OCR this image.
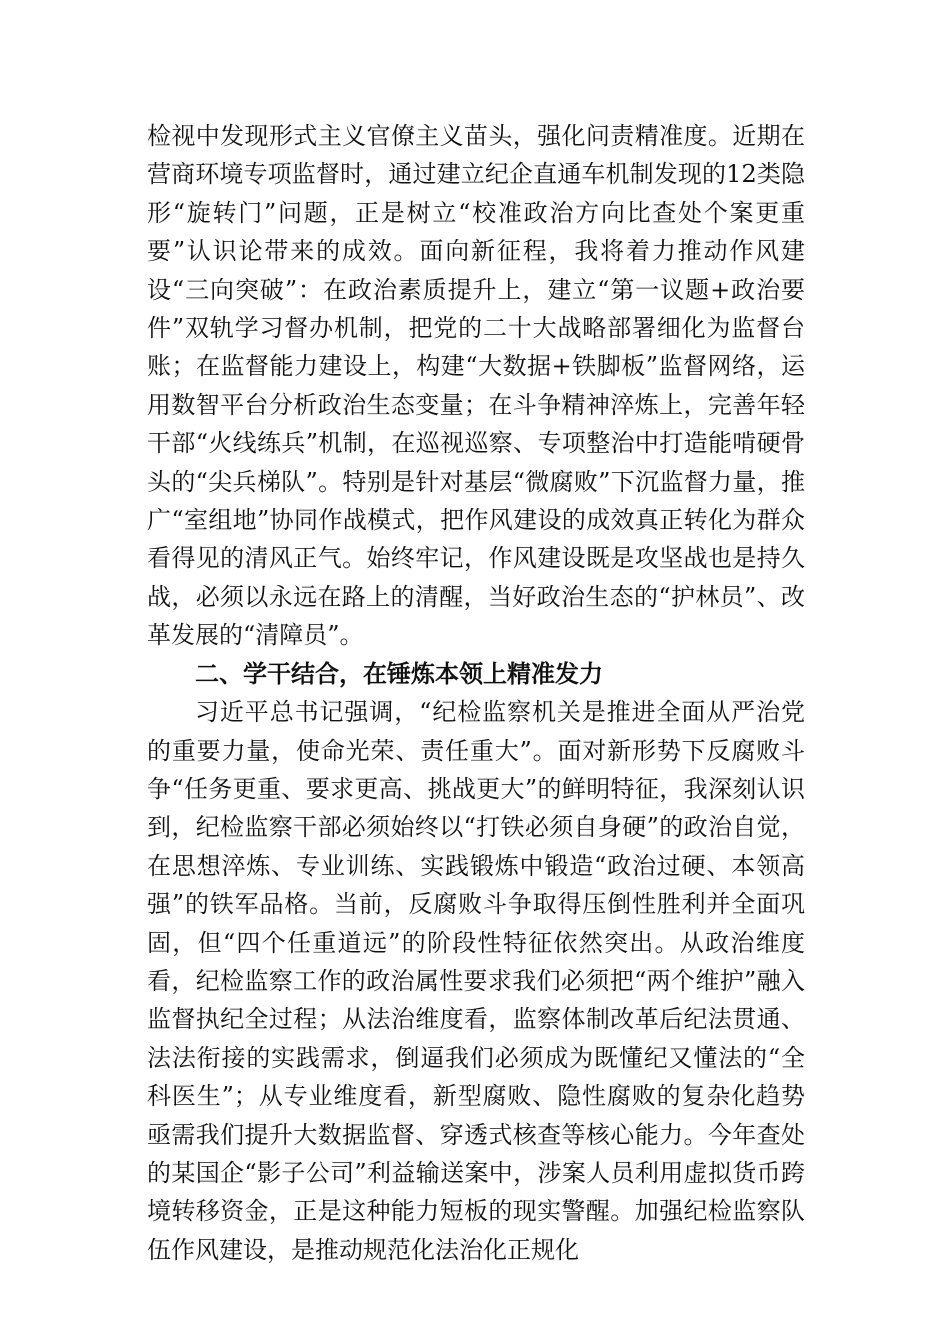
检视中发现形式主义官僚主义苗头，强化问责精准度。近期在营商环境专项监督时，通过建立纪企直通车机制发现的12类隐形“旋转门”问题，正是树立“校准政治方向比查处个案更重要”认识论带来的成效。面向新征程，我将着力推动作风建设“三向突破”：在政治素质提升上，建立“第一议题+政治要件”双轨学习督办机制，把党的二十大战略部署细化为监督台账；在监督能力建设上，构建“大数据+铁脚板”监督网络，运用数智平台分析政治生态变量；在斗争精神淬炼上，完善年轻干部“火线练兵”机制，在巡视巡察、专项整治中打造能啃硬骨头的“尖兵梯队”。特别是针对基层“微腐败”下沉监督力量，推广“室组地”协同作战模式，把作风建设的成效真正转化为群众看得见的清风正气。始终牢记，作风建设既是攻坚战也是持久战，必须以永远在路上的清醒，当好政治生态的“护林员”、改革发展的“清障员”。

二、学干结合，在锤炼本领上精准发力

习近平总书记强调，“纪检监察机关是推进全面从严治党的重要力量，使命光荣、责任重大”。面对新形势下反腐败斗争“任务更重、要求更高、挑战更大”的鲜明特征，我深刻认识到，纪检监察干部必须始终以“打铁必须自身硬”的政治自觉，在思想淬炼、专业训练、实践锻炼中锻造“政治过硬、本领高强”的铁军品格。当前，反腐败斗争取得压倒性胜利并全面巩固，但“四个任重道远”的阶段性特征依然突出。从政治维度看，纪检监察工作的政治属性要求我们必须把“两个维护”融入监督执纪全过程；从法治维度看，监察体制改革后纪法贯通、法法衔接的实践需求，倒逼我们必须成为既懂纪又懂法的“全科医生”；从专业维度看，新型腐败、隐性腐败的复杂化趋势亟需我们提升大数据监督、穿透式核查等核心能力。今年查处的某国企“影子公司”利益输送案中，涉案人员利用虚拟货币跨境转移资金，正是这种能力短板的现实警醒。加强纪检监察队伍作风建设，是推动规范化法治化正规化
